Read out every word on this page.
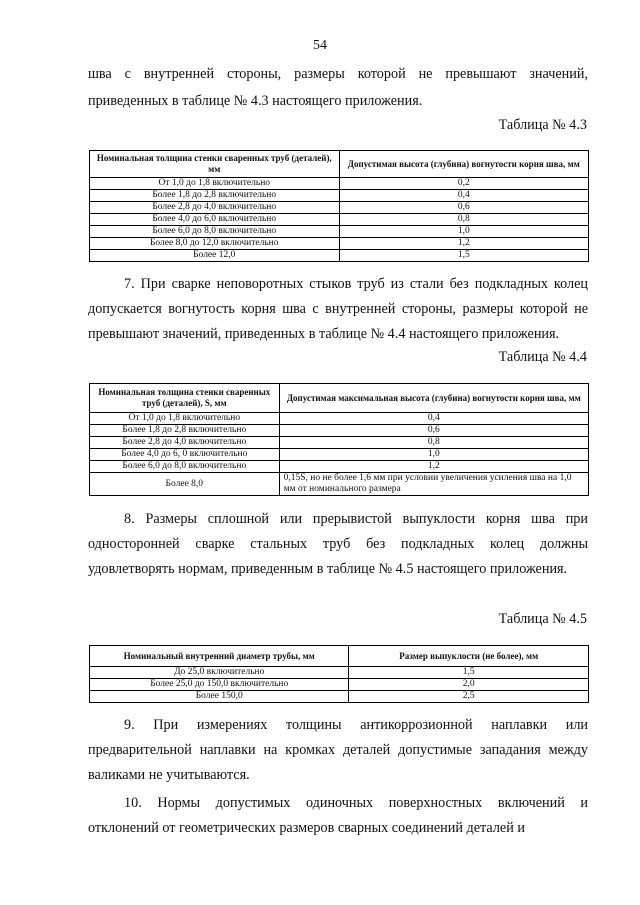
54

шва с внутренней стороны, размеры которой не превышают значений,

приведенных в таблице № 4.3 настоящего приложения.

Таблица № 4.3

Номинальная толщина стенки сваренных труб (деталей), мм	Допустимая высота (глубина) вогнутости корня шва, мм
От 1,0 до 1,8 включительно	0,2
Более 1,8 до 2,8 включительно	0,4
Более 2,8 до 4,0 включительно	0,6
Более 4,0 до 6,0 включительно	0,8
Более 6,0 до 8,0 включительно	1,0
Более 8,0 до 12,0 включительно	1,2
Более 12,0	1,5

7. При сварке неповоротных стыков труб из стали без подкладных колец допускается вогнутость корня шва с внутренней стороны, размеры которой не превышают значений, приведенных в таблице № 4.4 настоящего приложения.

Таблица № 4.4

Номинальная толщина стенки сваренных труб (деталей), S, мм	Допустимая максимальная высота (глубина) вогнутости корня шва, мм
От 1,0 до 1,8 включительно	0,4
Более 1,8 до 2,8 включительно	0,6
Более 2,8 до 4,0 включительно	0,8
Более 4,0 до 6, 0 включительно	1,0
Более 6,0 до 8,0 включительно	1,2
Более 8,0	0,15S, но не более 1,6 мм при условии увеличения усиления шва на 1,0 мм от номинального размера

8. Размеры сплошной или прерывистой выпуклости корня шва при односторонней сварке стальных труб без подкладных колец должны удовлетворять нормам, приведенным в таблице № 4.5 настоящего приложения.

Таблица № 4.5

Номинальный внутренний диаметр трубы, мм	Размер выпуклости (не более), мм
До 25,0 включительно	1,5
Более 25,0 до 150,0 включительно	2,0
Более 150,0	2,5

9. При измерениях толщины антикоррозионной наплавки или предварительной наплавки на кромках деталей допустимые западания между валиками не учитываются.

10. Нормы допустимых одиночных поверхностных включений и отклонений от геометрических размеров сварных соединений деталей и
